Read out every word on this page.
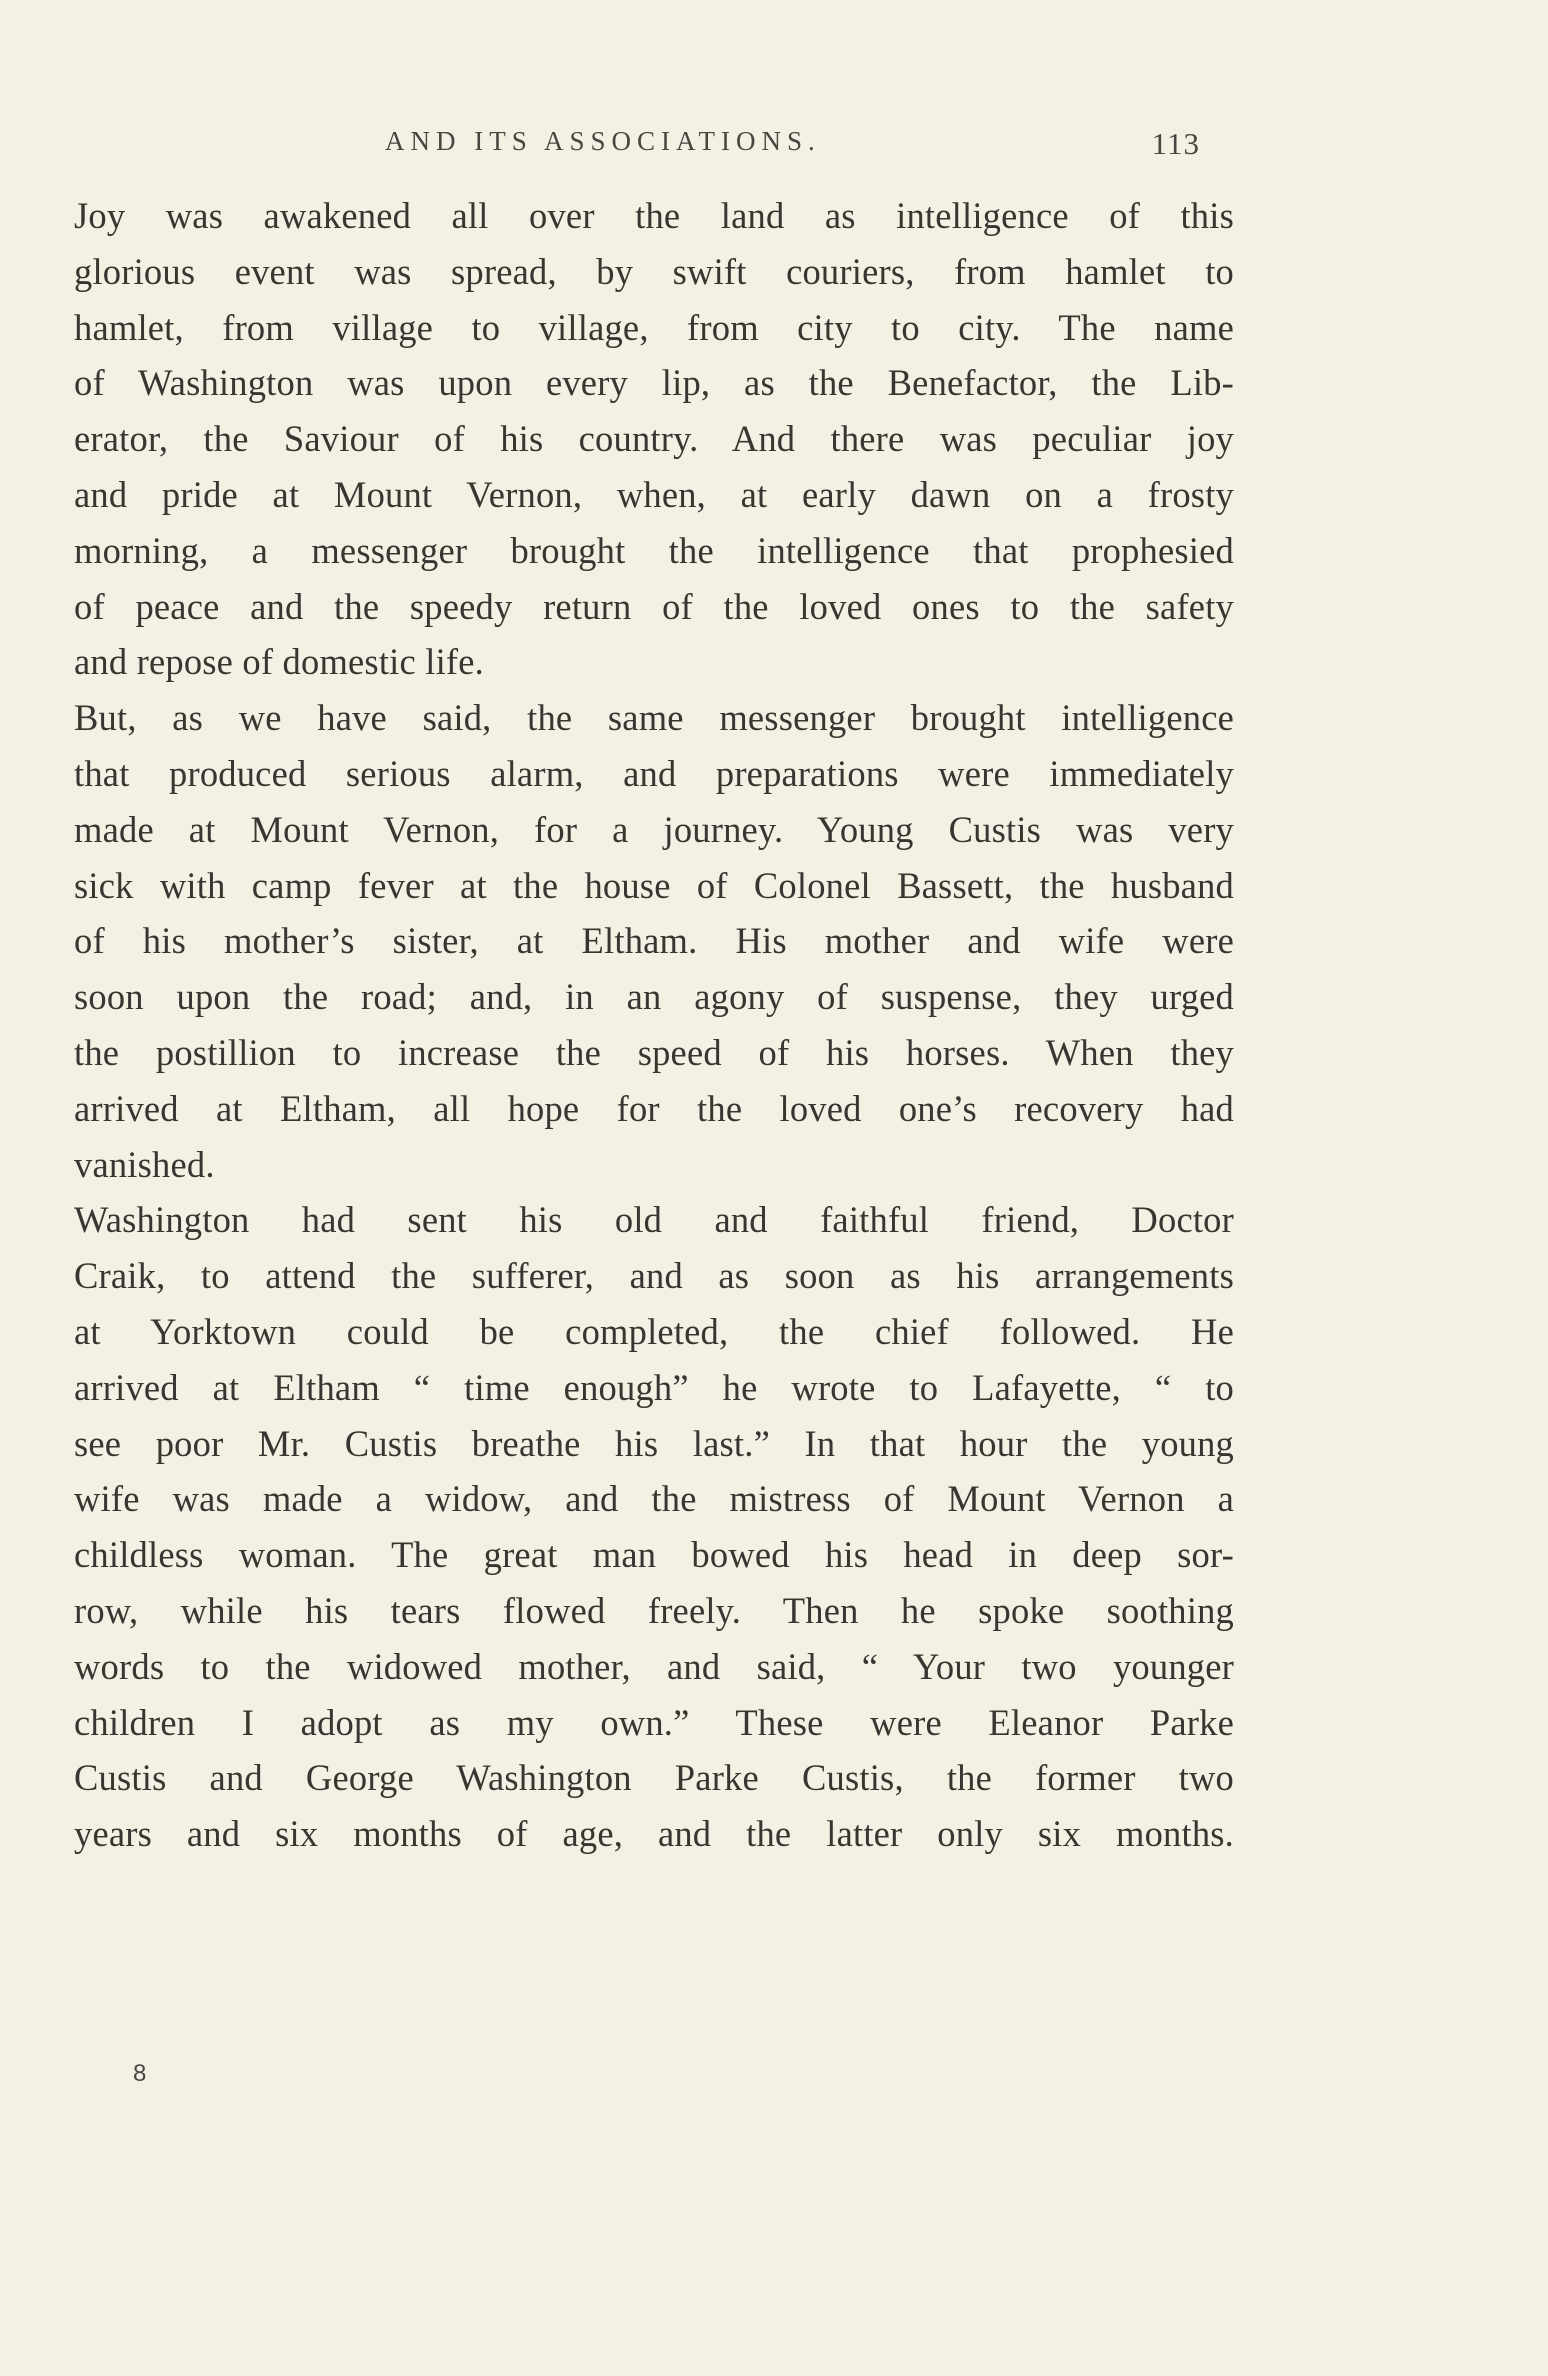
AND ITS ASSOCIATIONS.	113
Joy was awakened all over the land as intelligence of this
glorious event was spread, by swift couriers, from hamlet to
hamlet, from village to village, from city to city. The name
of Washington was upon every lip, as the Benefactor, the Lib-
erator, the Saviour of his country. And there was peculiar joy
and pride at Mount Vernon, when, at early dawn on a frosty
morning, a messenger brought the intelligence that prophesied
of peace and the speedy return of the loved ones to the safety
and repose of domestic life.
But, as we have said, the same messenger brought intelligence
that produced serious alarm, and preparations were immediately
made at Mount Vernon, for a journey. Young Custis was very
sick with camp fever at the house of Colonel Bassett, the husband
of his mother’s sister, at Eltham. His mother and wife were
soon upon the road; and, in an agony of suspense, they urged
the postillion to increase the speed of his horses. When they
arrived at Eltham, all hope for the loved one’s recovery had
vanished.
Washington had sent his old and faithful friend, Doctor
Craik, to attend the sufferer, and as soon as his arrangements
at Yorktown could be completed, the chief followed. He
arrived at Eltham “ time enough” he wrote to Lafayette, “ to
see poor Mr. Custis breathe his last.” In that hour the young
wife was made a widow, and the mistress of Mount Vernon a
childless woman. The great man bowed his head in deep sor-
row, while his tears flowed freely. Then he spoke soothing
words to the widowed mother, and said, “ Your two younger
children I adopt as my own.” These were Eleanor Parke
Custis and George Washington Parke Custis, the former two
years and six months of age, and the latter only six months.
8
